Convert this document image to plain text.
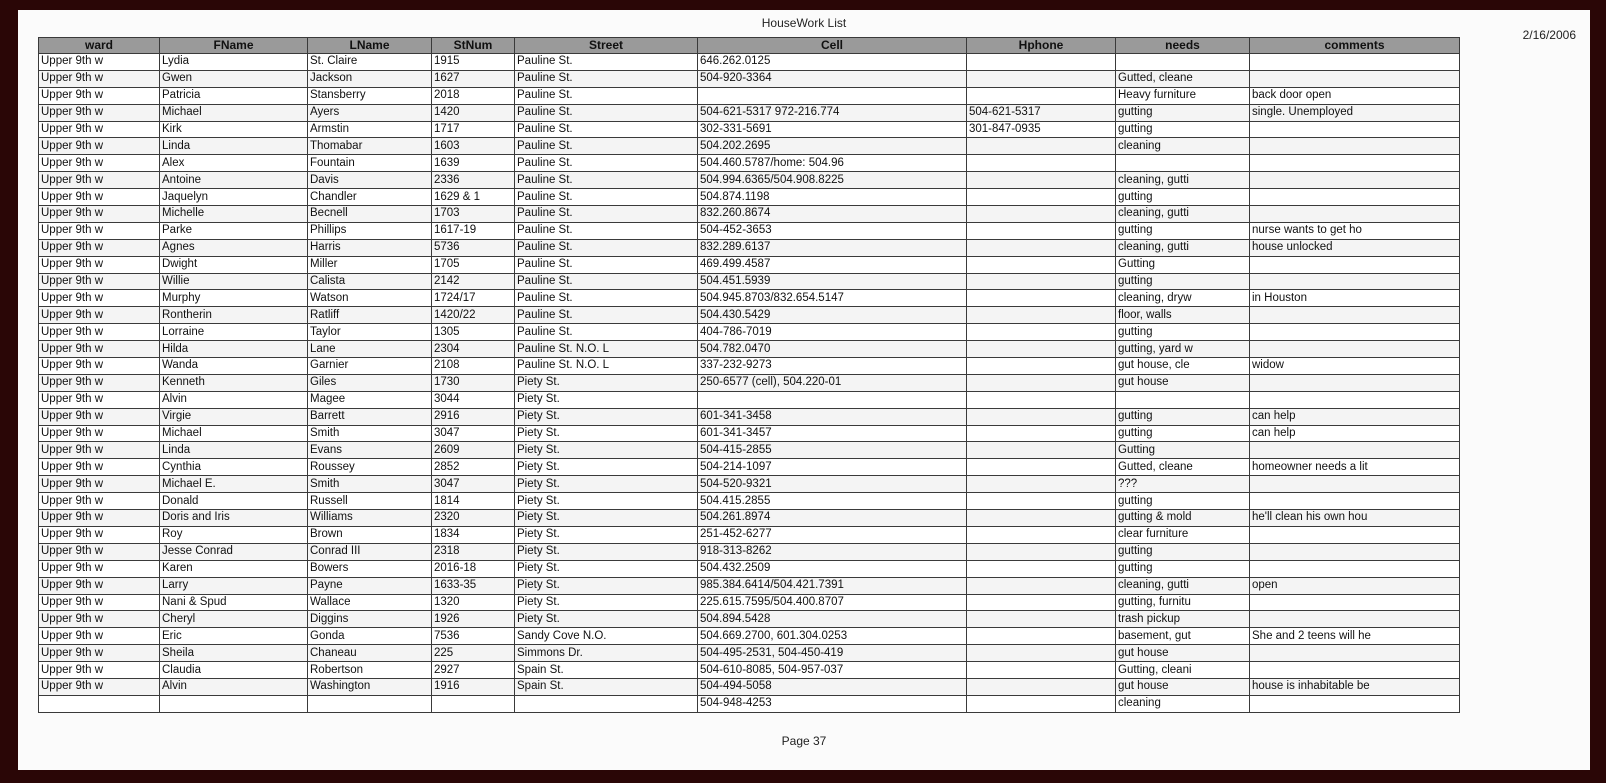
HouseWork List
2/16/2006
ward	FName	LName	StNum	Street	Cell	Hphone	needs	comments
Upper 9th w	Lydia	St. Claire	1915	Pauline St.	646.262.0125			
Upper 9th w	Gwen	Jackson	1627	Pauline St.	504-920-3364		Gutted, cleane	
Upper 9th w	Patricia	Stansberry	2018	Pauline St.			Heavy furniture	back door open
Upper 9th w	Michael	Ayers	1420	Pauline St.	504-621-5317 972-216.774	504-621-5317	gutting	single. Unemployed
Upper 9th w	Kirk	Armstin	1717	Pauline St.	302-331-5691	301-847-0935	gutting	
Upper 9th w	Linda	Thomabar	1603	Pauline St.	504.202.2695		cleaning	
Upper 9th w	Alex	Fountain	1639	Pauline St.	504.460.5787/home: 504.96			
Upper 9th w	Antoine	Davis	2336	Pauline St.	504.994.6365/504.908.8225		cleaning, gutti	
Upper 9th w	Jaquelyn	Chandler	1629 & 1	Pauline St.	504.874.1198		gutting	
Upper 9th w	Michelle	Becnell	1703	Pauline St.	832.260.8674		cleaning, gutti	
Upper 9th w	Parke	Phillips	1617-19	Pauline St.	504-452-3653		gutting	nurse wants to get ho
Upper 9th w	Agnes	Harris	5736	Pauline St.	832.289.6137		cleaning, gutti	house unlocked
Upper 9th w	Dwight	Miller	1705	Pauline St.	469.499.4587		Gutting	
Upper 9th w	Willie	Calista	2142	Pauline St.	504.451.5939		gutting	
Upper 9th w	Murphy	Watson	1724/17	Pauline St.	504.945.8703/832.654.5147		cleaning, dryw	in Houston
Upper 9th w	Rontherin	Ratliff	1420/22	Pauline St.	504.430.5429		floor, walls	
Upper 9th w	Lorraine	Taylor	1305	Pauline St.	404-786-7019		gutting	
Upper 9th w	Hilda	Lane	2304	Pauline St. N.O. L	504.782.0470		gutting, yard w	
Upper 9th w	Wanda	Garnier	2108	Pauline St. N.O. L	337-232-9273		gut house, cle	widow
Upper 9th w	Kenneth	Giles	1730	Piety St.	250-6577 (cell), 504.220-01		gut house	
Upper 9th w	Alvin	Magee	3044	Piety St.				
Upper 9th w	Virgie	Barrett	2916	Piety St.	601-341-3458		gutting	can help
Upper 9th w	Michael	Smith	3047	Piety St.	601-341-3457		gutting	can help
Upper 9th w	Linda	Evans	2609	Piety St.	504-415-2855		Gutting	
Upper 9th w	Cynthia	Roussey	2852	Piety St.	504-214-1097		Gutted, cleane	homeowner needs a lit
Upper 9th w	Michael E.	Smith	3047	Piety St.	504-520-9321		???	
Upper 9th w	Donald	Russell	1814	Piety St.	504.415.2855		gutting	
Upper 9th w	Doris and Iris	Williams	2320	Piety St.	504.261.8974		gutting & mold	he'll clean his own hou
Upper 9th w	Roy	Brown	1834	Piety St.	251-452-6277		clear furniture	
Upper 9th w	Jesse Conrad	Conrad III	2318	Piety St.	918-313-8262		gutting	
Upper 9th w	Karen	Bowers	2016-18	Piety St.	504.432.2509		gutting	
Upper 9th w	Larry	Payne	1633-35	Piety St.	985.384.6414/504.421.7391		cleaning, gutti	open
Upper 9th w	Nani & Spud	Wallace	1320	Piety St.	225.615.7595/504.400.8707		gutting, furnitu	
Upper 9th w	Cheryl	Diggins	1926	Piety St.	504.894.5428		trash pickup	
Upper 9th w	Eric	Gonda	7536	Sandy Cove N.O.	504.669.2700, 601.304.0253		basement, gut	She and 2 teens will he
Upper 9th w	Sheila	Chaneau	225	Simmons Dr.	504-495-2531, 504-450-419		gut house	
Upper 9th w	Claudia	Robertson	2927	Spain St.	504-610-8085, 504-957-037		Gutting, cleani	
Upper 9th w	Alvin	Washington	1916	Spain St.	504-494-5058		gut house	house is inhabitable be
					504-948-4253		cleaning	
Page 37
